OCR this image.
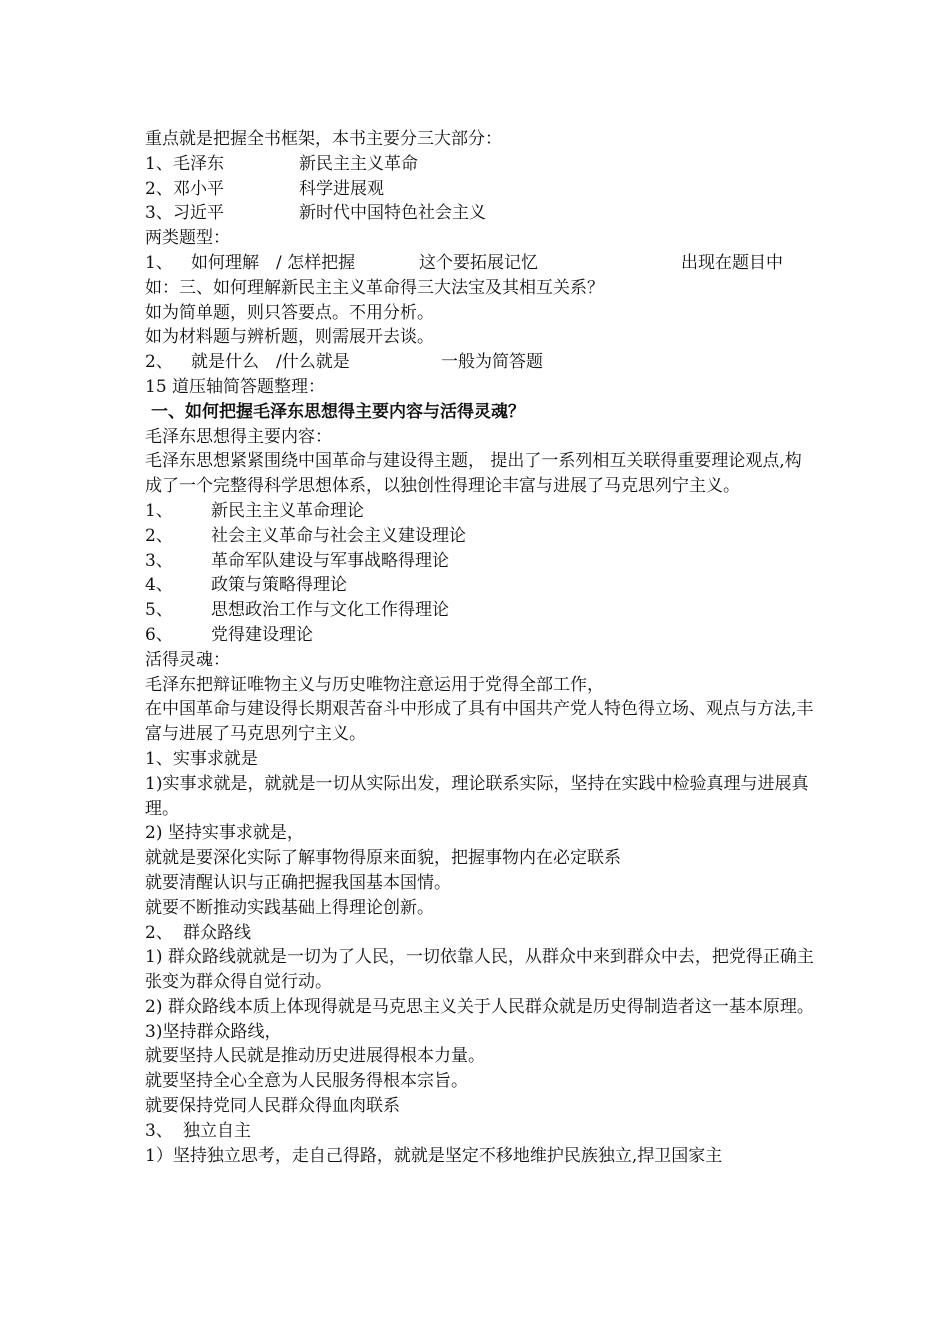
重点就是把握全书框架，本书主要分三大部分：
1、毛泽东	新民主主义革命
2、邓小平	科学进展观
3、习近平	新时代中国特色社会主义
两类题型：
1、 如何理解　/ 怎样把握	这个要拓展记忆	出现在题目中
如：三、如何理解新民主主义革命得三大法宝及其相互关系？
如为简单题，则只答要点。不用分析。
如为材料题与辨析题，则需展开去谈。
2、 就是什么　/什么就是	一般为简答题
15 道压轴简答题整理：
一、如何把握毛泽东思想得主要内容与活得灵魂？
毛泽东思想得主要内容：
毛泽东思想紧紧围绕中国革命与建设得主题， 提出了一系列相互关联得重要理论观点,构成了一个完整得科学思想体系，以独创性得理论丰富与进展了马克思列宁主义。
1、 新民主主义革命理论
2、 社会主义革命与社会主义建设理论
3、 革命军队建设与军事战略得理论
4、 政策与策略得理论
5、 思想政治工作与文化工作得理论
6、 党得建设理论
活得灵魂：
毛泽东把辩证唯物主义与历史唯物注意运用于党得全部工作，
在中国革命与建设得长期艰苦奋斗中形成了具有中国共产党人特色得立场、观点与方法,丰富与进展了马克思列宁主义。
1、实事求就是
1)实事求就是，就就是一切从实际出发，理论联系实际，坚持在实践中检验真理与进展真理。
2) 坚持实事求就是，
就就是要深化实际了解事物得原来面貌，把握事物内在必定联系
就要清醒认识与正确把握我国基本国情。
就要不断推动实践基础上得理论创新。
2、 群众路线
1) 群众路线就就是一切为了人民，一切依靠人民，从群众中来到群众中去，把党得正确主张变为群众得自觉行动。
2) 群众路线本质上体现得就是马克思主义关于人民群众就是历史得制造者这一基本原理。
3)坚持群众路线，
就要坚持人民就是推动历史进展得根本力量。
就要坚持全心全意为人民服务得根本宗旨。
就要保持党同人民群众得血肉联系
3、 独立自主
1）坚持独立思考，走自己得路，就就是坚定不移地维护民族独立,捍卫国家主
